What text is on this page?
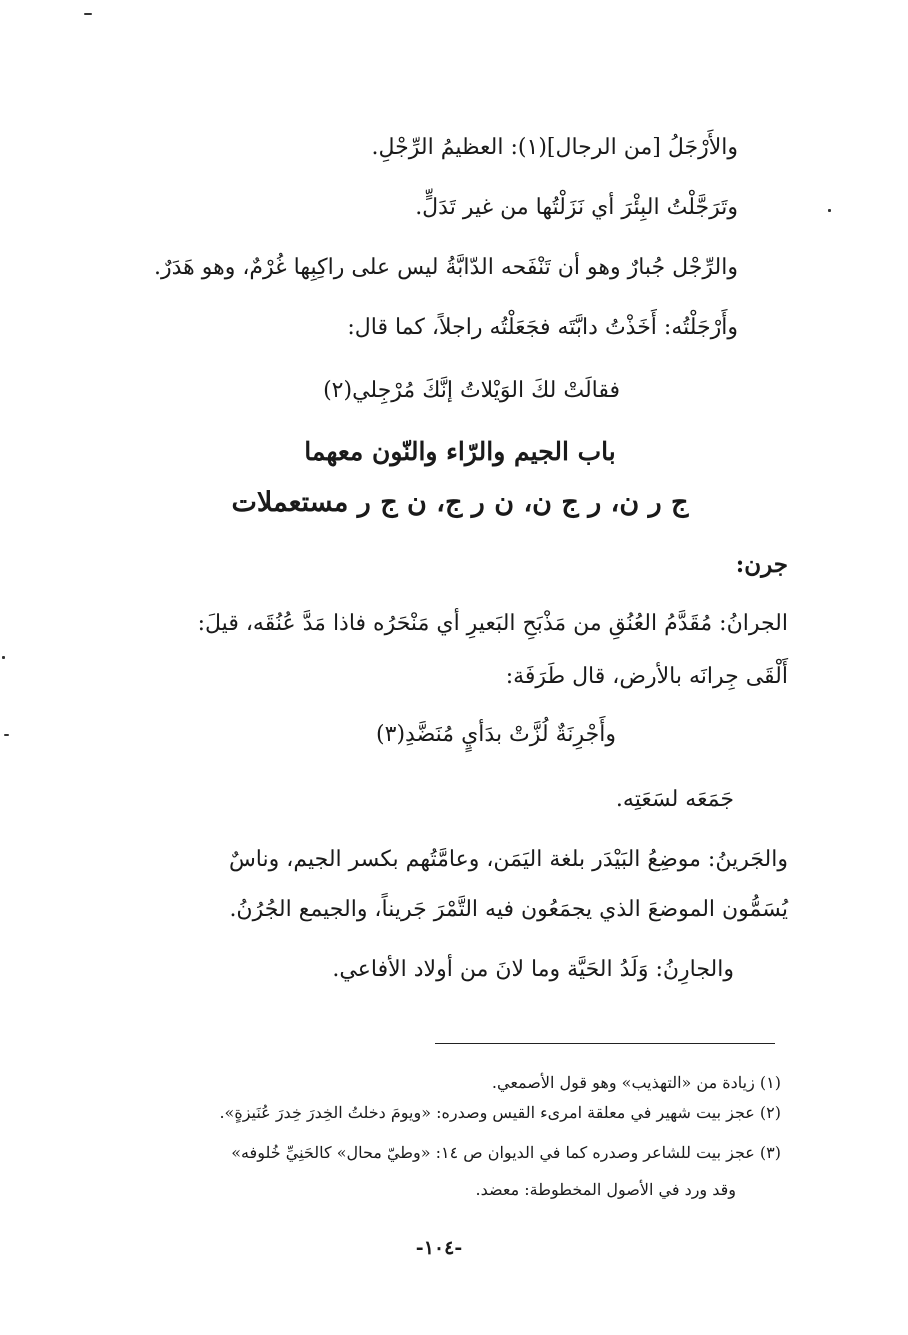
والأَرْجَلُ [من الرجال](١): العظيمُ الرِّجْلِ.
وتَرَجَّلْتُ البِئْرَ أي نَزَلْتُها من غير تَدَلٍّ.
والرِّجْل جُبارٌ وهو أن تَنْفَحه الدّابَّةُ ليس على راكِبِها غُرْمٌ، وهو هَدَرٌ.
وأَرْجَلْتُه: أَخَذْتُ دابَّتَه فجَعَلْتُه راجلاً، كما قال:
فقالَتْ لكَ الوَيْلاتُ إنَّكَ مُرْجِلي(٢)
باب الجيم والرّاء والنّون معهما
ج ر ن، ر ج ن، ن ر ج، ن ج ر مستعملات
جرن:
الجرانُ: مُقَدَّمُ العُنُقِ من مَذْبَحِ البَعيرِ أي مَنْحَرُه فاذا مَدَّ عُنُقَه، قيلَ:
أَلْقَى جِرانَه بالأرض، قال طَرَفَة:
وأَجْرِنَةٌ لُزَّتْ بدَأيٍ مُنَضَّدِ(٣)
جَمَعَه لسَعَتِه.
والجَرينُ: موضِعُ البَيْدَر بلغة اليَمَن، وعامَّتُهم بكسر الجيم، وناسٌ
يُسَمُّون الموضعَ الذي يجمَعُون فيه التَّمْرَ جَريناً، والجيمع الجُرُنُ.
والجارِنُ: وَلَدُ الحَيَّة وما لانَ من أولاد الأفاعي.
(١) زيادة من «التهذيب» وهو قول الأصمعي.
(٢) عجز بيت شهير في معلقة امرىء القيس وصدره: «ويومَ دخلتُ الخِدرَ خِدرَ عُنَيزةٍ».
(٣) عجز بيت للشاعر وصدره كما في الديوان ص ١٤: «وطيّ محال» كالحَنِيِّ خُلوفه»
وقد ورد في الأصول المخطوطة: معضد.
-١٠٤-
